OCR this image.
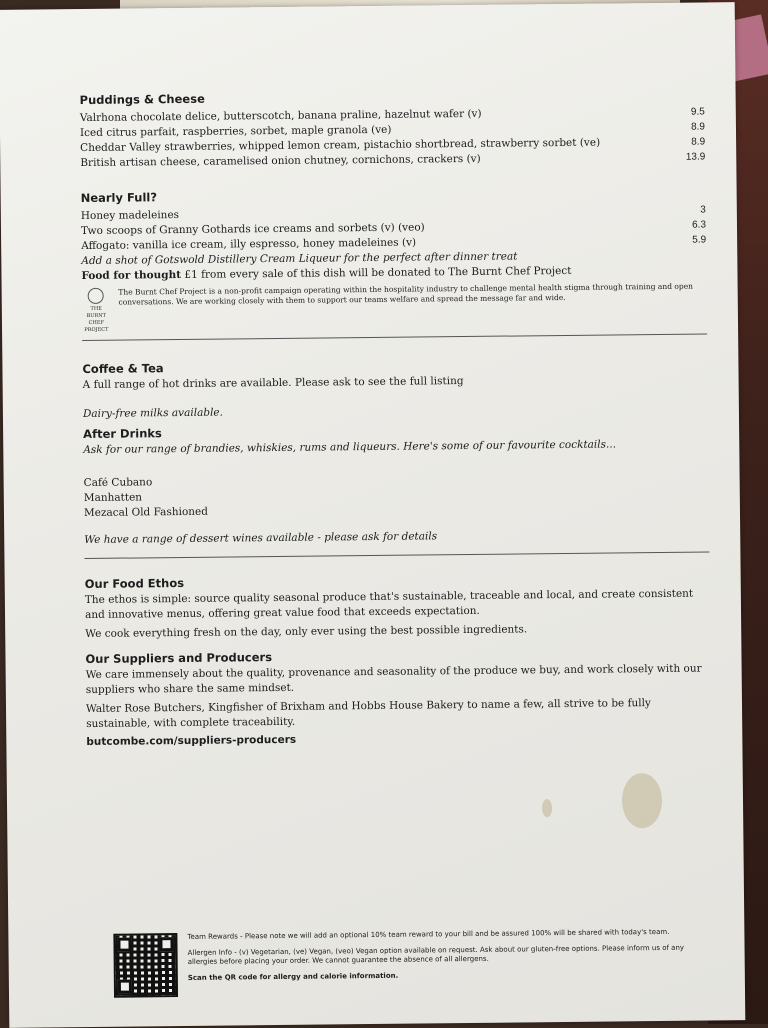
Puddings & Cheese

Valrhona chocolate delice, butterscotch, banana praline, hazelnut wafer (v)	9.5
Iced citrus parfait, raspberries, sorbet, maple granola (ve)	8.9
Cheddar Valley strawberries, whipped lemon cream, pistachio shortbread, strawberry sorbet (ve)	8.9
British artisan cheese, caramelised onion chutney, cornichons, crackers (v)	13.9

Nearly Full?

Honey madeleines	3
Two scoops of Granny Gothards ice creams and sorbets (v) (veo)	6.3
Affogato: vanilla ice cream, illy espresso, honey madeleines (v)	5.9
Add a shot of Gotswold Distillery Cream Liqueur for the perfect after dinner treat
Food for thought £1 from every sale of this dish will be donated to The Burnt Chef Project
THE BURNT CHEF PROJECT
The Burnt Chef Project is a non-profit campaign operating within the hospitality industry to challenge mental health stigma through training and open conversations. We are working closely with them to support our teams welfare and spread the message far and wide.

Coffee & Tea

A full range of hot drinks are available. Please ask to see the full listing
Dairy-free milks available.

After Drinks

Ask for our range of brandies, whiskies, rums and liqueurs. Here's some of our favourite cocktails...
Café Cubano
Manhatten
Mezacal Old Fashioned
We have a range of dessert wines available - please ask for details

Our Food Ethos

The ethos is simple: source quality seasonal produce that's sustainable, traceable and local, and create consistent and innovative menus, offering great value food that exceeds expectation.
We cook everything fresh on the day, only ever using the best possible ingredients.

Our Suppliers and Producers

We care immensely about the quality, provenance and seasonality of the produce we buy, and work closely with our suppliers who share the same mindset.
Walter Rose Butchers, Kingfisher of Brixham and Hobbs House Bakery to name a few, all strive to be fully sustainable, with complete traceability.
butcombe.com/suppliers-producers
Team Rewards - Please note we will add an optional 10% team reward to your bill and be assured 100% will be shared with today's team.
Allergen Info - (v) Vegetarian, (ve) Vegan, (veo) Vegan option available on request. Ask about our gluten-free options. Please inform us of any allergies before placing your order. We cannot guarantee the absence of all allergens.
Scan the QR code for allergy and calorie information.
